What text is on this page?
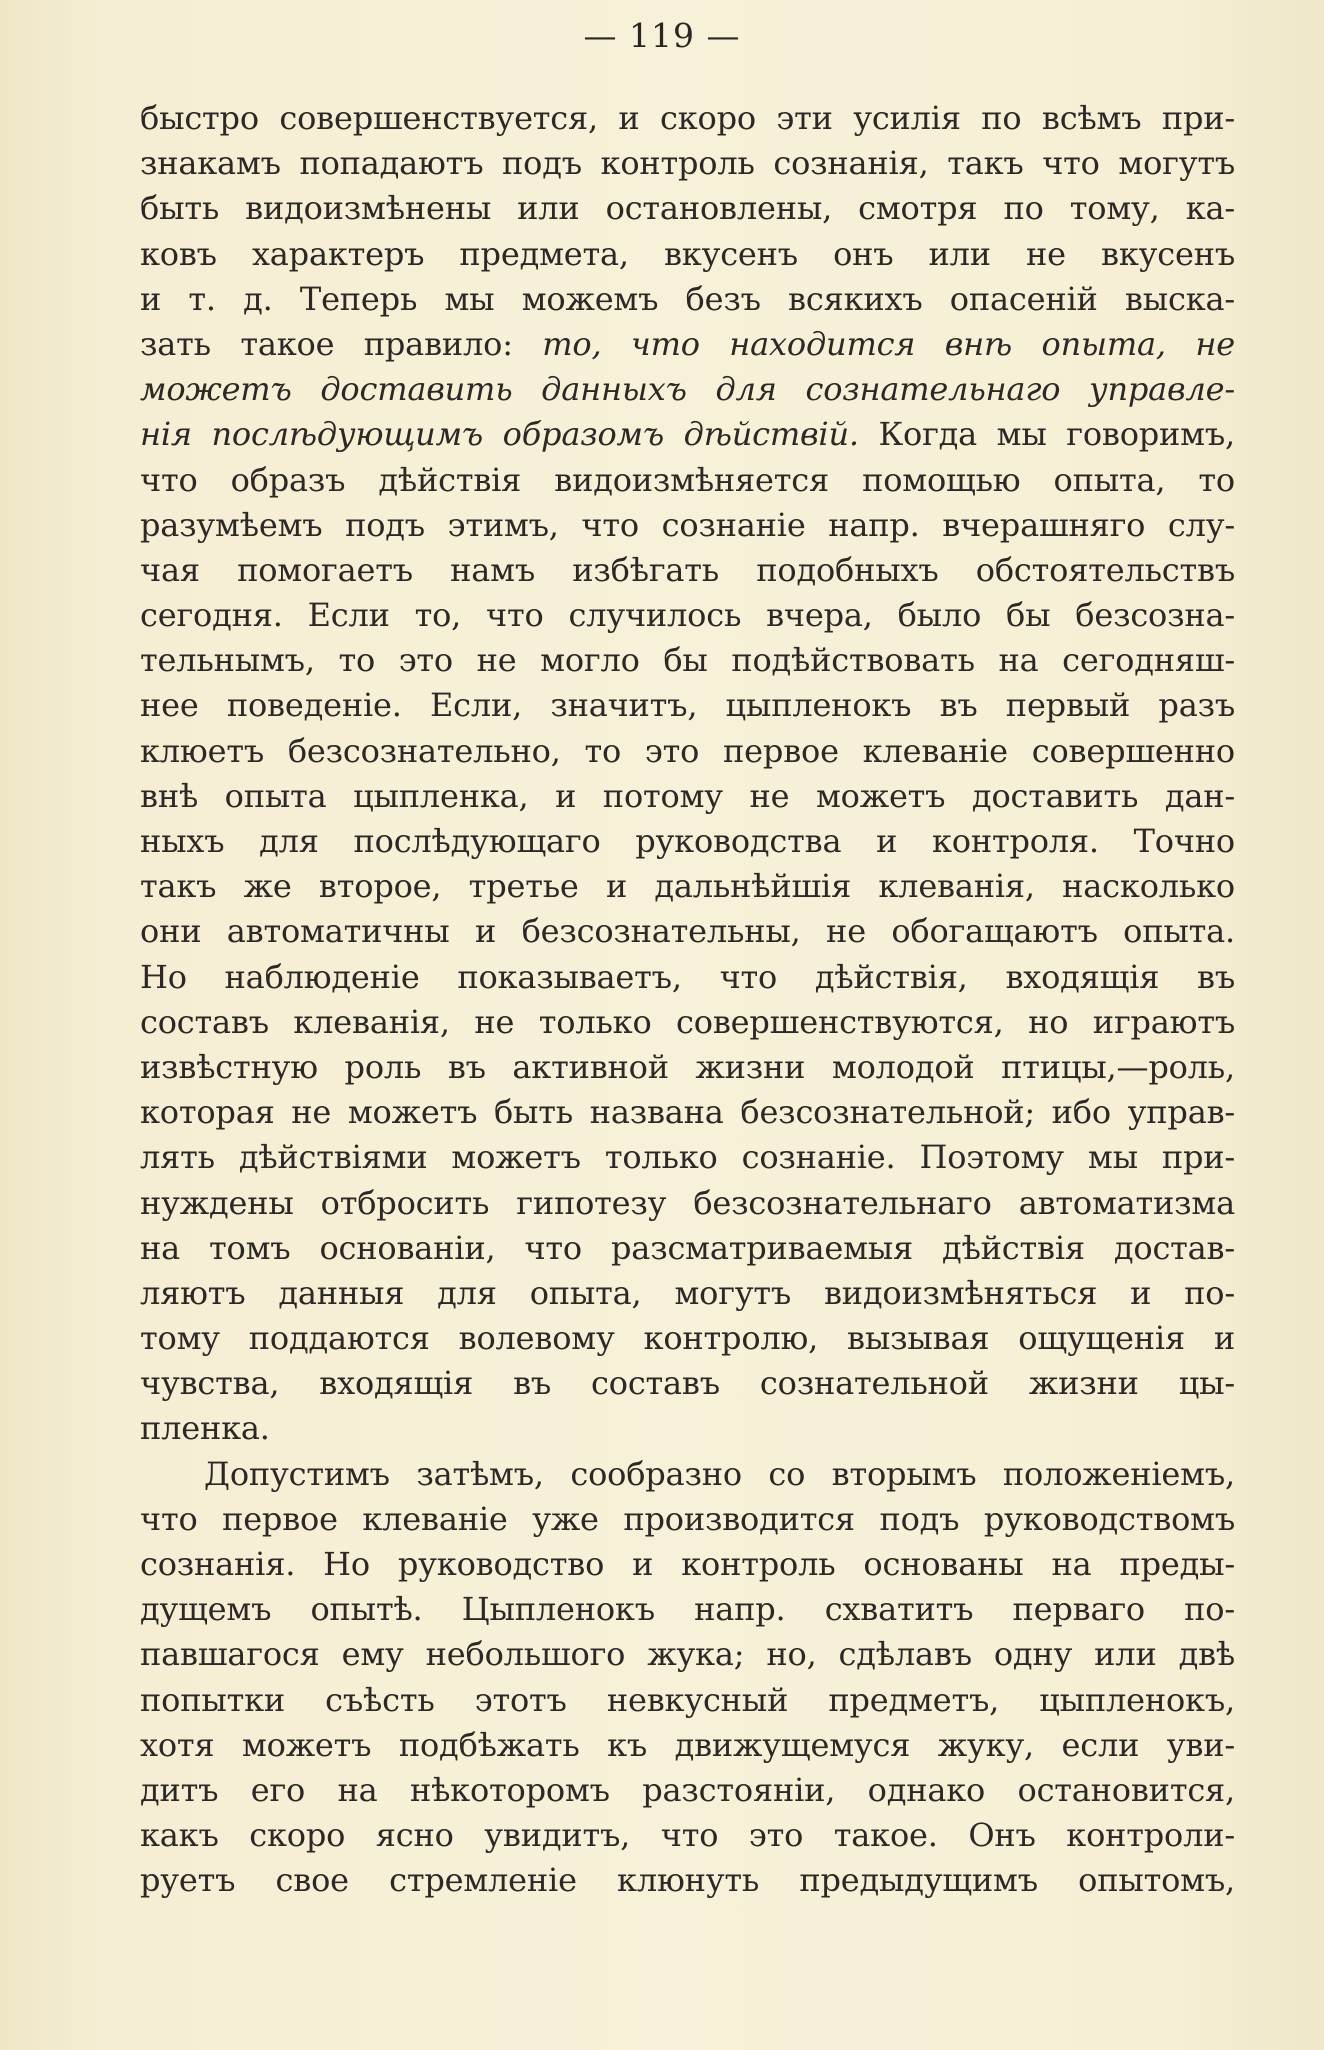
— 119 —
быстро совершенствуется, и скоро эти усилія по всѣмъ при-
знакамъ попадаютъ подъ контроль сознанія, такъ что могутъ
быть видоизмѣнены или остановлены, смотря по тому, ка-
ковъ характеръ предмета, вкусенъ онъ или не вкусенъ
и т. д. Теперь мы можемъ безъ всякихъ опасеній выска-
зать такое правило: то, что находится внѣ опыта, не
можетъ доставить данныхъ для сознательнаго управле-
нія послѣдующимъ образомъ дѣйствій. Когда мы говоримъ,
что образъ дѣйствія видоизмѣняется помощью опыта, то
разумѣемъ подъ этимъ, что сознаніе напр. вчерашняго слу-
чая помогаетъ намъ избѣгать подобныхъ обстоятельствъ
сегодня. Если то, что случилось вчера, было бы безсозна-
тельнымъ, то это не могло бы подѣйствовать на сегодняш-
нее поведеніе. Если, значитъ, цыпленокъ въ первый разъ
клюетъ безсознательно, то это первое клеваніе совершенно
внѣ опыта цыпленка, и потому не можетъ доставить дан-
ныхъ для послѣдующаго руководства и контроля. Точно
такъ же второе, третье и дальнѣйшія клеванія, насколько
они автоматичны и безсознательны, не обогащаютъ опыта.
Но наблюденіе показываетъ, что дѣйствія, входящія въ
составъ клеванія, не только совершенствуются, но играютъ
извѣстную роль въ активной жизни молодой птицы,—роль,
которая не можетъ быть названа безсознательной; ибо управ-
лять дѣйствіями можетъ только сознаніе. Поэтому мы при-
нуждены отбросить гипотезу безсознательнаго автоматизма
на томъ основаніи, что разсматриваемыя дѣйствія достав-
ляютъ данныя для опыта, могутъ видоизмѣняться и по-
тому поддаются волевому контролю, вызывая ощущенія и
чувства, входящія въ составъ сознательной жизни цы-
пленка.
Допустимъ затѣмъ, сообразно со вторымъ положеніемъ,
что первое клеваніе уже производится подъ руководствомъ
сознанія. Но руководство и контроль основаны на преды-
дущемъ опытѣ. Цыпленокъ напр. схватитъ перваго по-
павшагося ему небольшого жука; но, сдѣлавъ одну или двѣ
попытки съѣсть этотъ невкусный предметъ, цыпленокъ,
хотя можетъ подбѣжать къ движущемуся жуку, если уви-
дитъ его на нѣкоторомъ разстояніи, однако остановится,
какъ скоро ясно увидитъ, что это такое. Онъ контроли-
руетъ свое стремленіе клюнуть предыдущимъ опытомъ,
